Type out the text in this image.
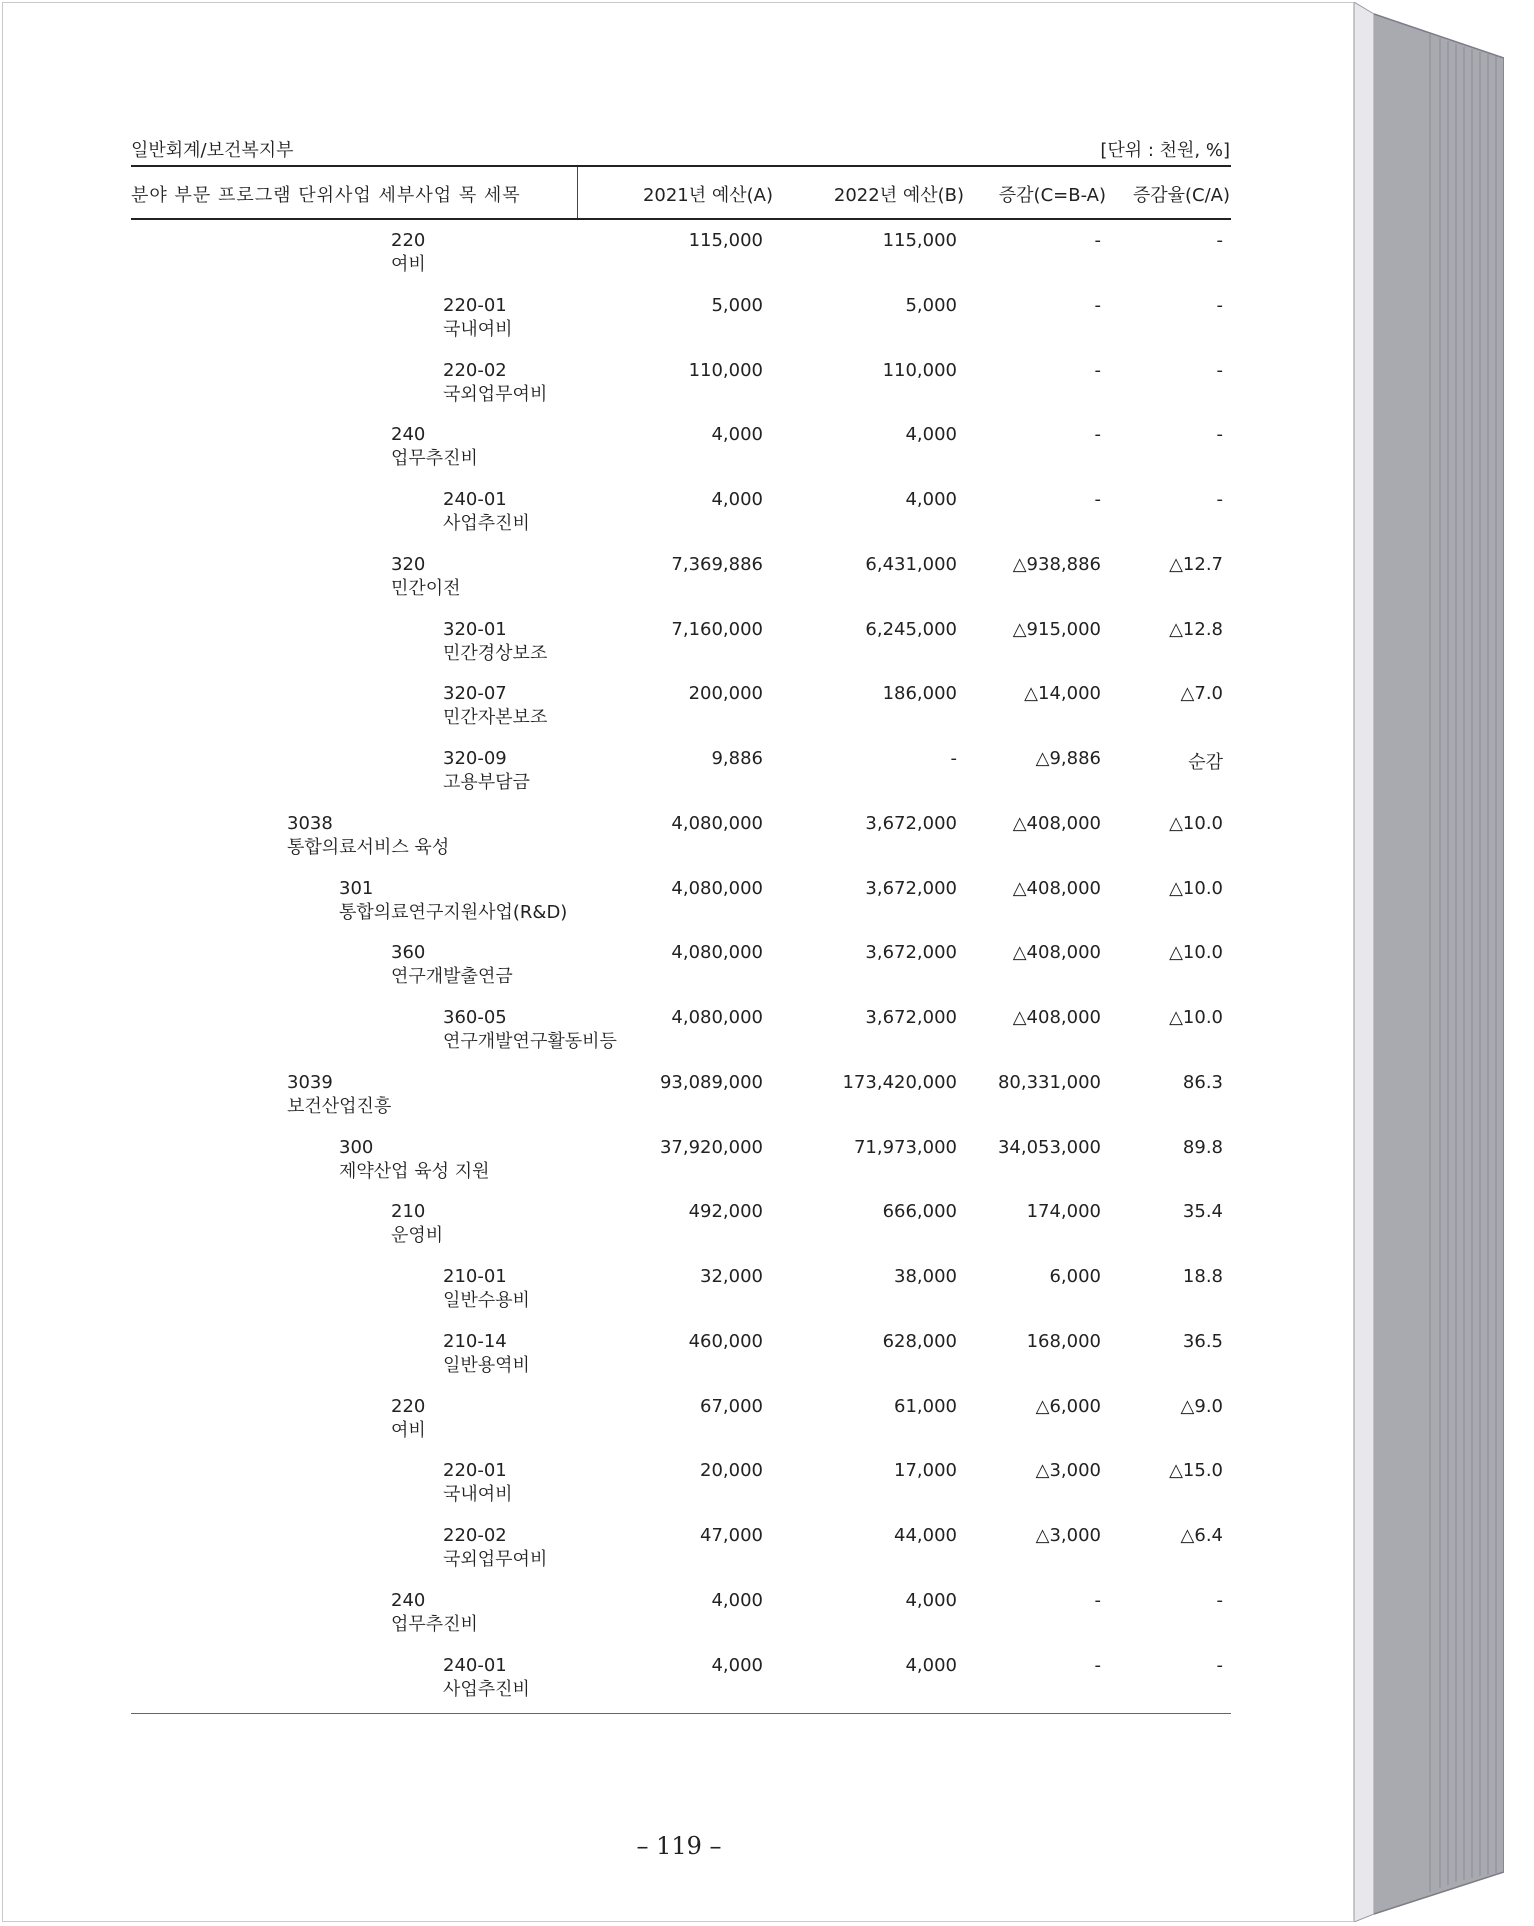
일반회계/보건복지부	[단위 : 천원, %]
분야 부문 프로그램 단위사업 세부사업 목 세목	2021년 예산(A)	2022년 예산(B)	증감(C=B-A)	증감율(C/A)
220
여비
115,000	115,000	-	-
220-01
국내여비
5,000	5,000	-	-
220-02
국외업무여비
110,000	110,000	-	-
240
업무추진비
4,000	4,000	-	-
240-01
사업추진비
4,000	4,000	-	-
320
민간이전
7,369,886	6,431,000	△938,886	△12.7
320-01
민간경상보조
7,160,000	6,245,000	△915,000	△12.8
320-07
민간자본보조
200,000	186,000	△14,000	△7.0
320-09
고용부담금
9,886	-	△9,886	순감
3038
통합의료서비스 육성
4,080,000	3,672,000	△408,000	△10.0
301
통합의료연구지원사업(R&D)
4,080,000	3,672,000	△408,000	△10.0
360
연구개발출연금
4,080,000	3,672,000	△408,000	△10.0
360-05
연구개발연구활동비등
4,080,000	3,672,000	△408,000	△10.0
3039
보건산업진흥
93,089,000	173,420,000	80,331,000	86.3
300
제약산업 육성 지원
37,920,000	71,973,000	34,053,000	89.8
210
운영비
492,000	666,000	174,000	35.4
210-01
일반수용비
32,000	38,000	6,000	18.8
210-14
일반용역비
460,000	628,000	168,000	36.5
220
여비
67,000	61,000	△6,000	△9.0
220-01
국내여비
20,000	17,000	△3,000	△15.0
220-02
국외업무여비
47,000	44,000	△3,000	△6.4
240
업무추진비
4,000	4,000	-	-
240-01
사업추진비
4,000	4,000	-	-
– 119 –
